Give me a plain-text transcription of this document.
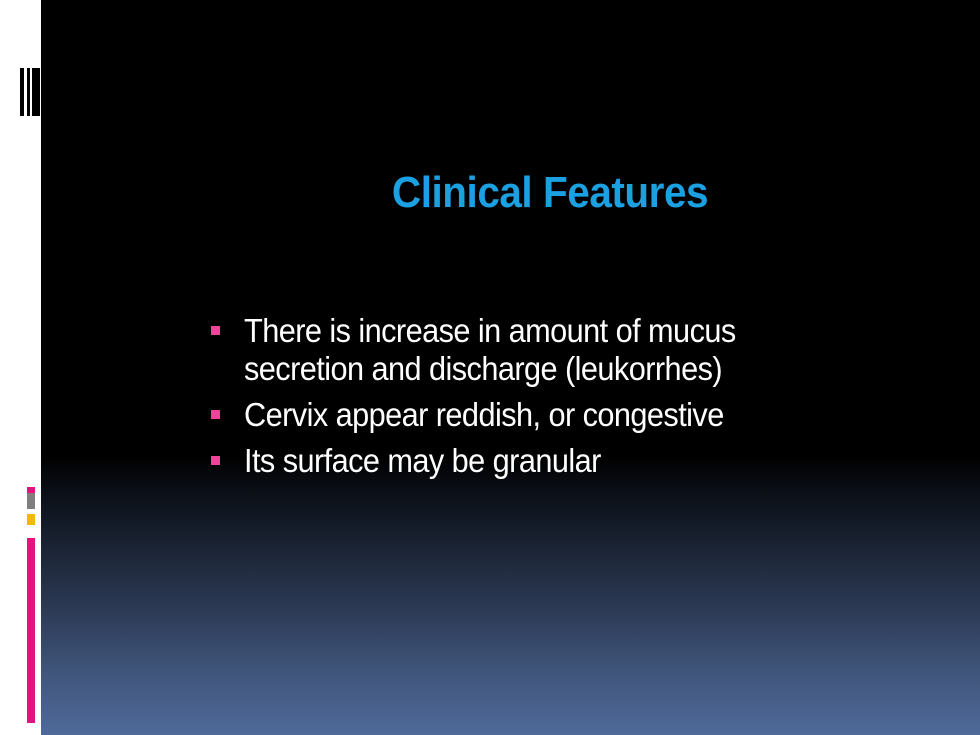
Clinical Features
There is increase in amount of mucus
secretion and discharge (leukorrhes)
Cervix appear reddish, or congestive
Its surface may be granular
